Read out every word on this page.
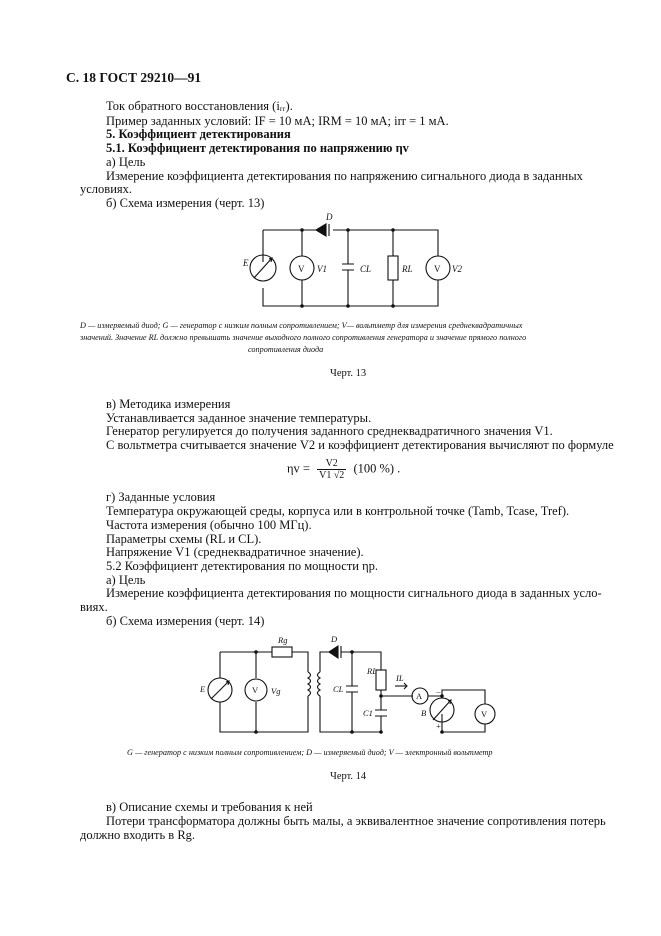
С. 18 ГОСТ 29210—91
Ток обратного восстановления (iᵣᵣ).
Пример заданных условий: IF = 10 мА; IRM = 10 мА; irr = 1 мА.
5. Коэффициент детектирования
5.1. Коэффициент детектирования по напряжению ηv
а) Цель
Измерение коэффициента детектирования по напряжению сигнального диода в заданных
условиях.
б) Схема измерения (черт. 13)
D
E
V V1	CL	RL V V2
D — измеряемый диод; G — генератор с низким полным сопротивлением; V— вольтметр для измерения среднеквадратичных
значений. Значение RL должно превышать значение выходного полного сопротивления генератора и значение прямого полного
сопротивления диода
Черт. 13
в) Методика измерения
Устанавливается заданное значение температуры.
Генератор регулируется до получения заданного среднеквадратичного значения V1.
С вольтметра считывается значение V2 и коэффициент детектирования вычисляют по формуле
$\eta v = \frac{V2}{V1 √2} (100$ %) .
г) Заданные условия
Температура окружающей среды, корпуса или в контрольной точке (Tamb, Tcase, Tref).
Частота измерения (обычно 100 МГц).
Параметры схемы (RL и CL).
Напряжение V1 (среднеквадратичное значение).
5.2 Коэффициент детектирования по мощности ηp.
а) Цель
Измерение коэффициента детектирования по мощности сигнального диода в заданных усло-
виях.
б) Схема измерения (черт. 14)
Rg	D
E	V Vg	CL
RL
IL
A
C1	B
−
+
V
G — генератор с низким полным сопротивлением; D — измеряемый диод; V — электронный вольтметр
Черт. 14
в) Описание схемы и требования к ней
Потери трансформатора должны быть малы, а эквивалентное значение сопротивления потерь
должно входить в Rg.
